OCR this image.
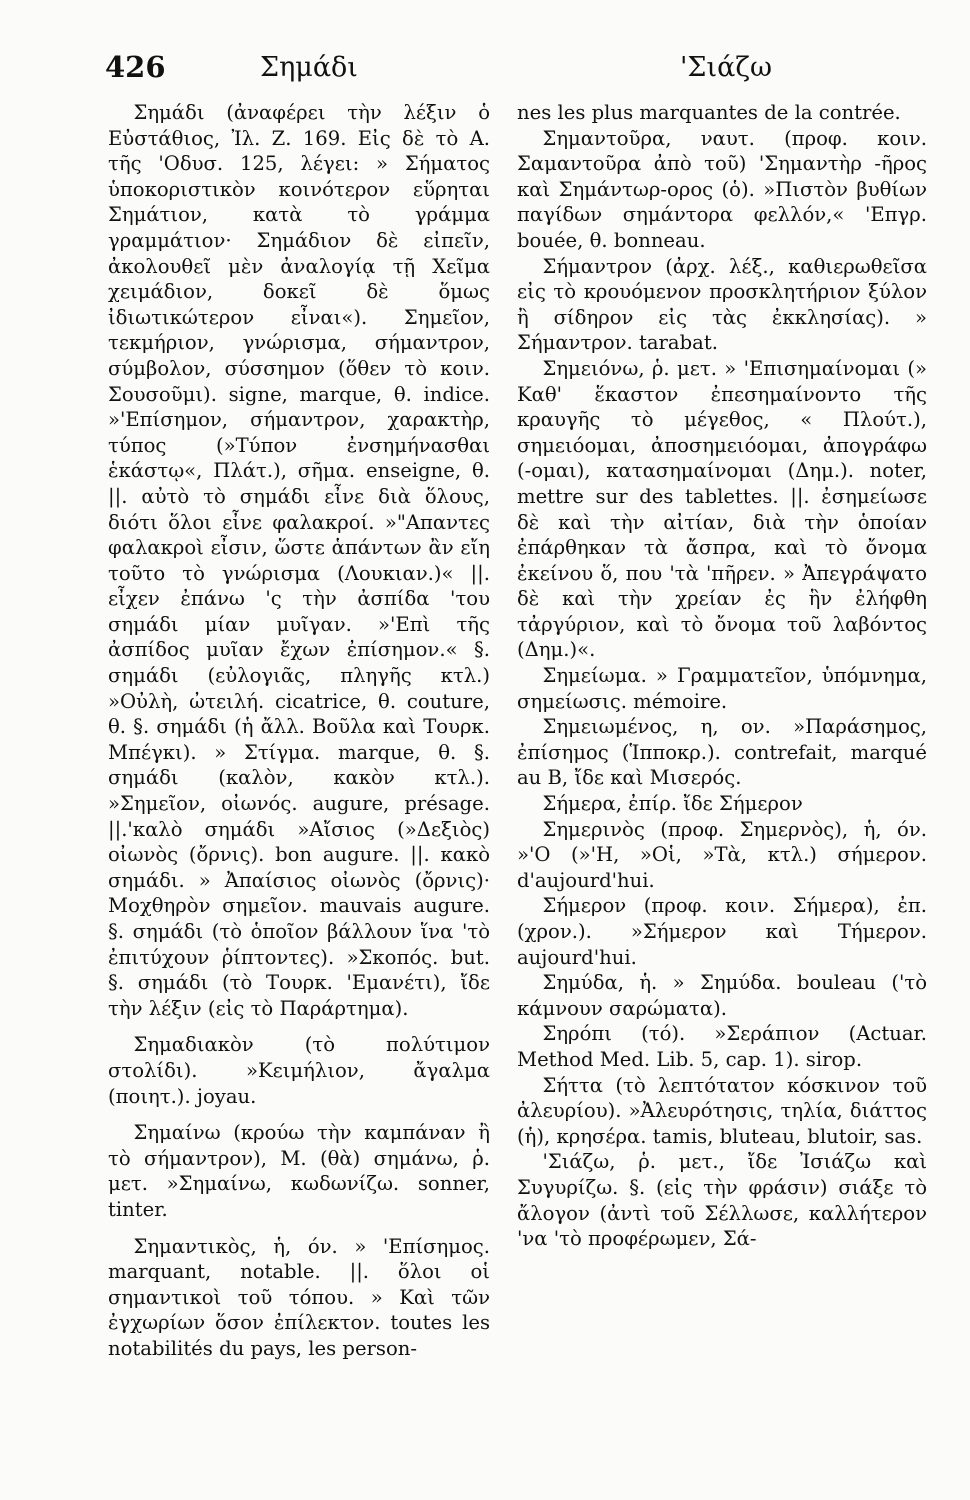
426	Σημάδι	'Σιάζω

Σημάδι (ἀναφέρει τὴν λέξιν ὁ Εὐστάθιος, Ἰλ. Ζ. 169. Εἰς δὲ τὸ Α. τῆς 'Οδυσ. 125, λέγει: » Σήματος ὑποκοριστικὸν κοινότερον εὕρηται Σημάτιον, κατὰ τὸ γράμμα γραμμάτιον· Σημάδιον δὲ εἰπεῖν, ἀκολουθεῖ μὲν ἀναλογίᾳ τῇ Χεῖμα χειμάδιον, δοκεῖ δὲ ὅμως ἰδιωτικώτερον εἶναι«). Σημεῖον, τεκμήριον, γνώρισμα, σήμαντρον, σύμβολον, σύσσημον (ὅθεν τὸ κοιν. Σουσοῦμι). signe, marque, θ. indice. »'Επίσημον, σήμαντρον, χαρακτὴρ, τύπος (»Τύπον ἐνσημήνασθαι ἑκάστῳ«, Πλάτ.), σῆμα. enseigne, θ. ||. αὐτὸ τὸ σημάδι εἶνε διὰ ὅλους, διότι ὅλοι εἶνε φαλακροί. »"Απαντες φαλακροὶ εἶσιν, ὥστε ἁπάντων ἂν εἴη τοῦτο τὸ γνώρισμα (Λουκιαν.)« ||. εἶχεν ἐπάνω 'ς τὴν ἀσπίδα 'του σημάδι μίαν μυῖγαν. »'Επὶ τῆς ἀσπίδος μυῖαν ἔχων ἐπίσημον.« §. σημάδι (εὐλογιᾶς, πληγῆς κτλ.) »Οὐλὴ, ὠτειλή. cicatrice, θ. couture, θ. §. σημάδι (ἡ ἄλλ. Βοῦλα καὶ Τουρκ. Μπέγκι). » Στίγμα. marque, θ. §. σημάδι (καλὸν, κακὸν κτλ.). »Σημεῖον, οἰωνός. augure, présage. ||.'καλὸ σημάδι »Αἴσιος (»Δεξιὸς) οἰωνὸς (ὄρνις). bon augure. ||. κακὸ σημάδι. » Ἀπαίσιος οἰωνὸς (ὄρνις)· Μοχθηρὸν σημεῖον. mauvais augure. §. σημάδι (τὸ ὁποῖον βάλλουν ἵνα 'τὸ ἐπιτύχουν ῥίπτοντες). »Σκοπός. but. §. σημάδι (τὸ Τουρκ. 'Εμανέτι), ἴδε τὴν λέξιν (εἰς τὸ Παράρτημα).

Σημαδιακὸν (τὸ πολύτιμον στολίδι). »Κειμήλιον, ἄγαλμα (ποιητ.). joyau.

Σημαίνω (κρούω τὴν καμπάναν ἢ τὸ σήμαντρον), Μ. (θὰ) σημάνω, ῥ. μετ. »Σημαίνω, κωδωνίζω. sonner, tinter.

Σημαντικὸς, ἡ, όν. » 'Επίσημος. marquant, notable. ||. ὅλοι οἱ σημαντικοὶ τοῦ τόπου. » Καὶ τῶν ἐγχωρίων ὅσον ἐπίλεκτον. toutes les notabilités du pays, les person-

nes les plus marquantes de la contrée.

Σημαντοῦρα, ναυτ. (προφ. κοιν. Σαμαντοῦρα ἀπὸ τοῦ) 'Σημαντὴρ -ῆρος καὶ Σημάντωρ-ορος (ὁ). »Πιστὸν βυθίων παγίδων σημάντορα φελλόν,« 'Επγρ. bouée, θ. bonneau.

Σήμαντρον (ἀρχ. λέξ., καθιερωθεῖσα εἰς τὸ κρουόμενον προσκλητήριον ξύλον ἢ σίδηρον εἰς τὰς ἐκκλησίας). » Σήμαντρον. tarabat.

Σημειόνω, ῥ. μετ. » 'Επισημαίνομαι (» Καθ' ἕκαστον ἐπεσημαίνοντο τῆς κραυγῆς τὸ μέγεθος, « Πλούτ.), σημειόομαι, ἀποσημειόομαι, ἀπογράφω (-ομαι), κατασημαίνομαι (Δημ.). noter, mettre sur des tablettes. ||. ἐσημείωσε δὲ καὶ τὴν αἰτίαν, διὰ τὴν ὁποίαν ἐπάρθηκαν τὰ ἄσπρα, καὶ τὸ ὄνομα ἐκείνου ὅ, που 'τὰ 'πῆρεν. » Ἀπεγράψατο δὲ καὶ τὴν χρείαν ἐς ἣν ἐλήφθη τἀργύριον, καὶ τὸ ὄνομα τοῦ λαβόντος (Δημ.)«.

Σημείωμα. » Γραμματεῖον, ὑπόμνημα, σημείωσις. mémoire.

Σημειωμένος, η, ον. »Παράσημος, ἐπίσημος (Ἱπποκρ.). contrefait, marqué au B, ἴδε καὶ Μισερός.

Σήμερα, ἐπίρ. ἴδε Σήμερον

Σημερινὸς (προφ. Σημερνὸς), ἡ, όν. »'Ο (»'Η, »Οἱ, »Τὰ, κτλ.) σήμερον. d'aujourd'hui.

Σήμερον (προφ. κοιν. Σήμερα), ἐπ. (χρον.). »Σήμερον καὶ Τήμερον. aujourd'hui.

Σημύδα, ἡ. » Σημύδα. bouleau ('τὸ κάμνουν σαρώματα).

Σηρόπι (τό). »Σεράπιον (Actuar. Method Med. Lib. 5, cap. 1). sirop.

Σήττα (τὸ λεπτότατον κόσκινον τοῦ ἀλευρίου). »Ἀλευρότησις, τηλία, διάττος (ἡ), κρησέρα. tamis, bluteau, blutoir, sas.

'Σιάζω, ῥ. μετ., ἴδε Ἰσιάζω καὶ Συγυρίζω. §. (εἰς τὴν φράσιν) σιάξε τὸ ἄλογον (ἀντὶ τοῦ Σέλλωσε, καλλήτερον 'να 'τὸ προφέρωμεν, Σά-
